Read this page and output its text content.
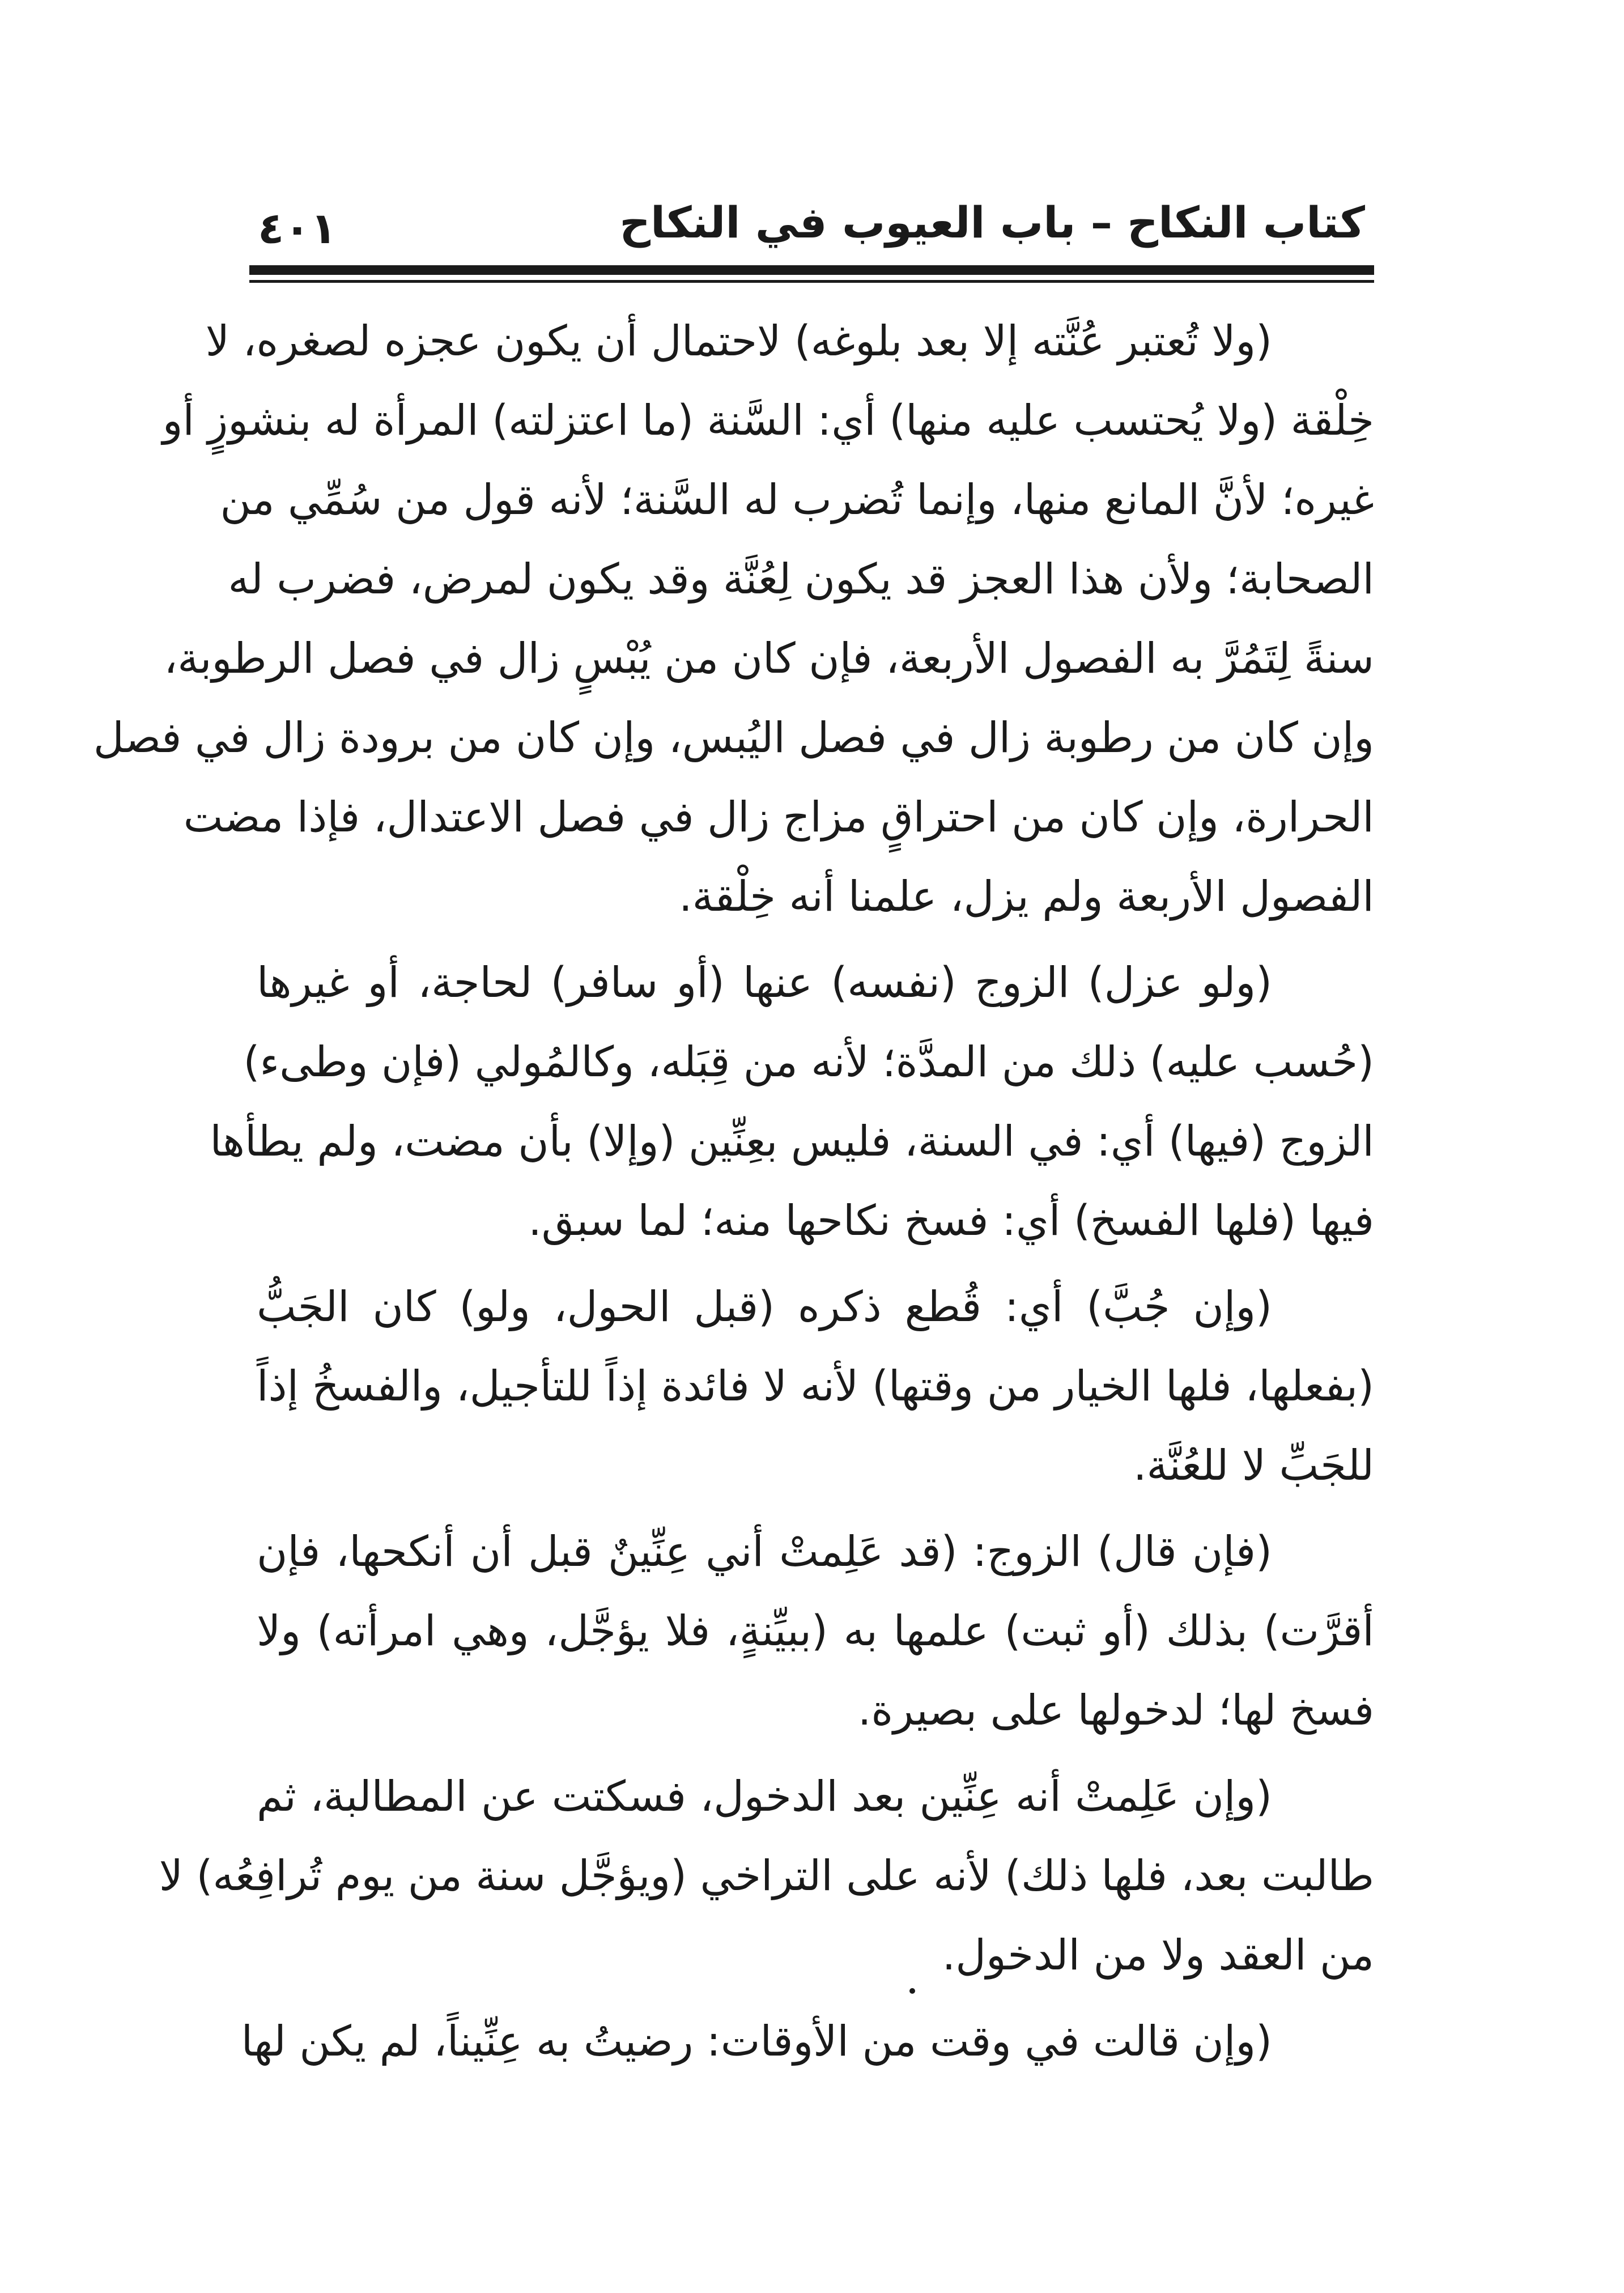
٤٠١	كتاب النكاح – باب العيوب في النكاح
(ولا تُعتبر عُنَّته إلا بعد بلوغه) لاحتمال أن يكون عجزه لصغره، لا
خِلْقة (ولا يُحتسب عليه منها) أي: السَّنة (ما اعتزلته) المرأة له بنشوزٍ أو
غيره؛ لأنَّ المانع منها، وإنما تُضرب له السَّنة؛ لأنه قول من سُمِّي من
الصحابة؛ ولأن هذا العجز قد يكون لِعُنَّة وقد يكون لمرض، فضرب له
سنةً لِتَمُرَّ به الفصول الأربعة، فإن كان من يُبْسٍ زال في فصل الرطوبة،
وإن كان من رطوبة زال في فصل اليُبس، وإن كان من برودة زال في فصل
الحرارة، وإن كان من احتراقٍ مزاج زال في فصل الاعتدال، فإذا مضت
الفصول الأربعة ولم يزل، علمنا أنه خِلْقة.
(ولو عزل) الزوج (نفسه) عنها (أو سافر) لحاجة، أو غيرها
(حُسب عليه) ذلك من المدَّة؛ لأنه من قِبَله، وكالمُولي (فإن وطىء)
الزوج (فيها) أي: في السنة، فليس بعِنِّين (وإلا) بأن مضت، ولم يطأها
فيها (فلها الفسخ) أي: فسخ نكاحها منه؛ لما سبق.
(وإن جُبَّ) أي: قُطع ذكره (قبل الحول، ولو) كان الجَبُّ
(بفعلها، فلها الخيار من وقتها) لأنه لا فائدة إذاً للتأجيل، والفسخُ إذاً
للجَبِّ لا للعُنَّة.
(فإن قال) الزوج: (قد عَلِمتْ أني عِنِّينٌ قبل أن أنكحها، فإن
أقرَّت) بذلك (أو ثبت) علمها به (ببيِّنةٍ، فلا يؤجَّل، وهي امرأته) ولا
فسخ لها؛ لدخولها على بصيرة.
(وإن عَلِمتْ أنه عِنِّين بعد الدخول، فسكتت عن المطالبة، ثم
طالبت بعد، فلها ذلك) لأنه على التراخي (ويؤجَّل سنة من يوم تُرافِعُه) لا
من العقد ولا من الدخول.
(وإن قالت في وقت من الأوقات: رضيتُ به عِنِّيناً، لم يكن لها
